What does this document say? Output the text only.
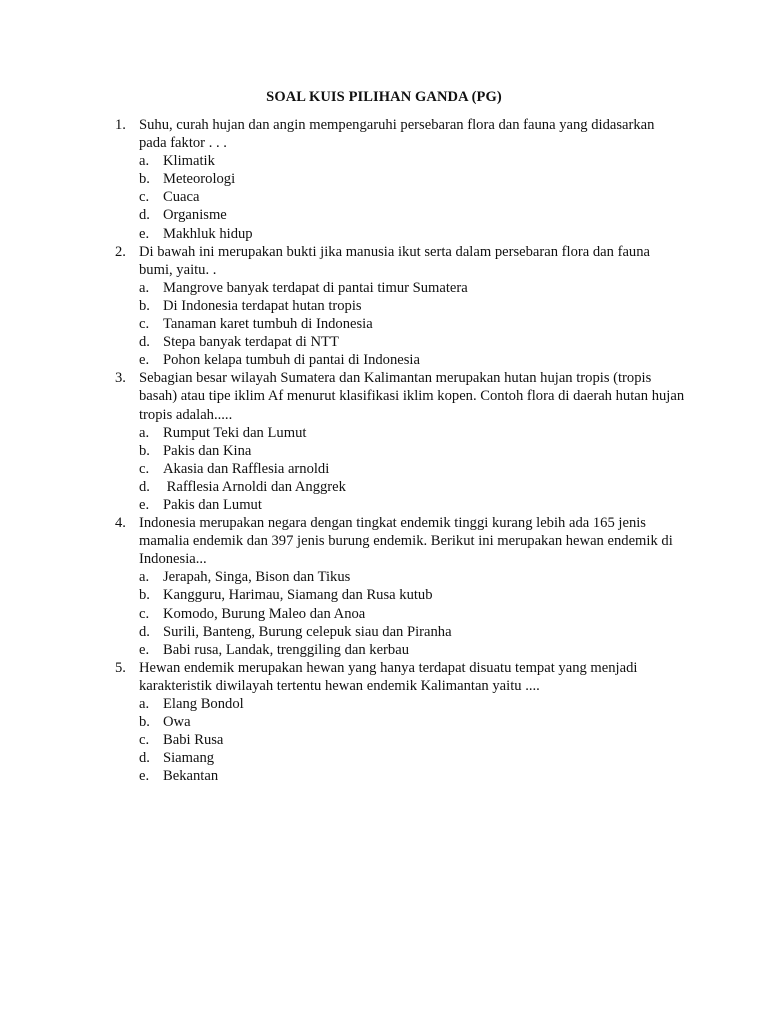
SOAL KUIS PILIHAN GANDA (PG)
1. Suhu, curah hujan dan angin mempengaruhi persebaran flora dan fauna yang didasarkan pada faktor . . .
a. Klimatik
b. Meteorologi
c. Cuaca
d. Organisme
e. Makhluk hidup
2. Di bawah ini merupakan bukti jika manusia ikut serta dalam persebaran flora dan fauna bumi, yaitu. .
a. Mangrove banyak terdapat di pantai timur Sumatera
b. Di Indonesia terdapat hutan tropis
c. Tanaman karet tumbuh di Indonesia
d. Stepa banyak terdapat di NTT
e. Pohon kelapa tumbuh di pantai di Indonesia
3. Sebagian besar wilayah Sumatera dan Kalimantan merupakan hutan hujan tropis (tropis basah) atau tipe iklim Af menurut klasifikasi iklim kopen. Contoh flora di daerah hutan hujan tropis adalah.....
a. Rumput Teki dan Lumut
b. Pakis dan Kina
c. Akasia dan Rafflesia arnoldi
d. Rafflesia Arnoldi dan Anggrek
e. Pakis dan Lumut
4. Indonesia merupakan negara dengan tingkat endemik tinggi kurang lebih ada 165 jenis mamalia endemik dan 397 jenis burung endemik. Berikut ini merupakan hewan endemik di Indonesia...
a. Jerapah, Singa, Bison dan Tikus
b. Kangguru, Harimau, Siamang dan Rusa kutub
c. Komodo, Burung Maleo dan Anoa
d. Surili, Banteng, Burung celepuk siau dan Piranha
e. Babi rusa, Landak, trenggiling dan kerbau
5. Hewan endemik merupakan hewan yang hanya terdapat disuatu tempat yang menjadi karakteristik diwilayah tertentu hewan endemik Kalimantan yaitu ....
a. Elang Bondol
b. Owa
c. Babi Rusa
d. Siamang
e. Bekantan
